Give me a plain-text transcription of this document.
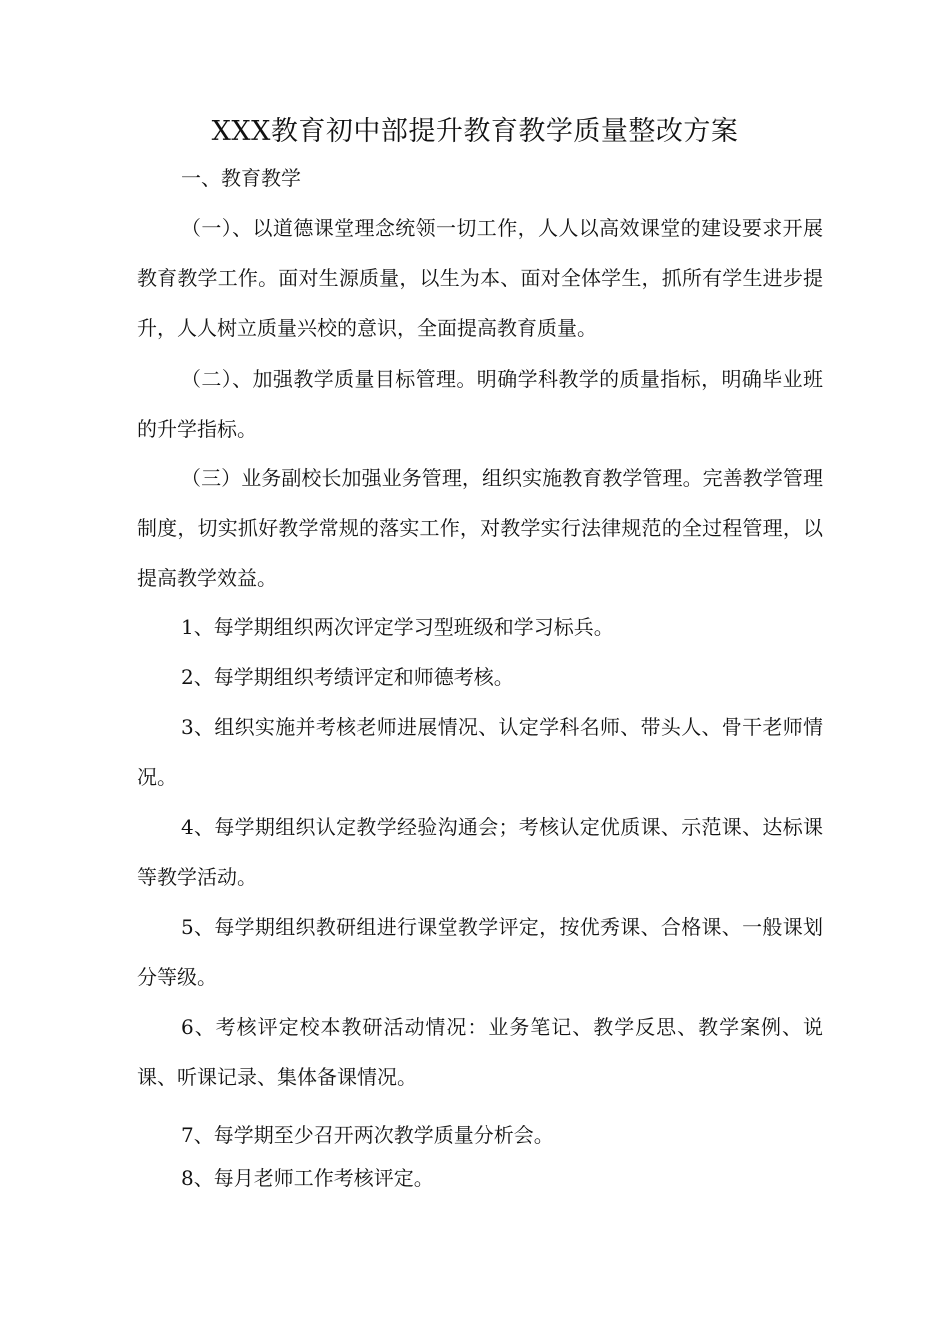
XXX教育初中部提升教育教学质量整改方案

一、教育教学

（一）、以道德课堂理念统领一切工作，人人以高效课堂的建设要求开展教育教学工作。面对生源质量，以生为本、面对全体学生，抓所有学生进步提升，人人树立质量兴校的意识，全面提高教育质量。

（二）、加强教学质量目标管理。明确学科教学的质量指标，明确毕业班的升学指标。

（三）业务副校长加强业务管理，组织实施教育教学管理。完善教学管理制度，切实抓好教学常规的落实工作，对教学实行法律规范的全过程管理，以提高教学效益。

1、每学期组织两次评定学习型班级和学习标兵。

2、每学期组织考绩评定和师德考核。

3、组织实施并考核老师进展情况、认定学科名师、带头人、骨干老师情况。

4、每学期组织认定教学经验沟通会；考核认定优质课、示范课、达标课等教学活动。

5、每学期组织教研组进行课堂教学评定，按优秀课、合格课、一般课划分等级。

6、考核评定校本教研活动情况：业务笔记、教学反思、教学案例、说课、听课记录、集体备课情况。

7、每学期至少召开两次教学质量分析会。

8、每月老师工作考核评定。
